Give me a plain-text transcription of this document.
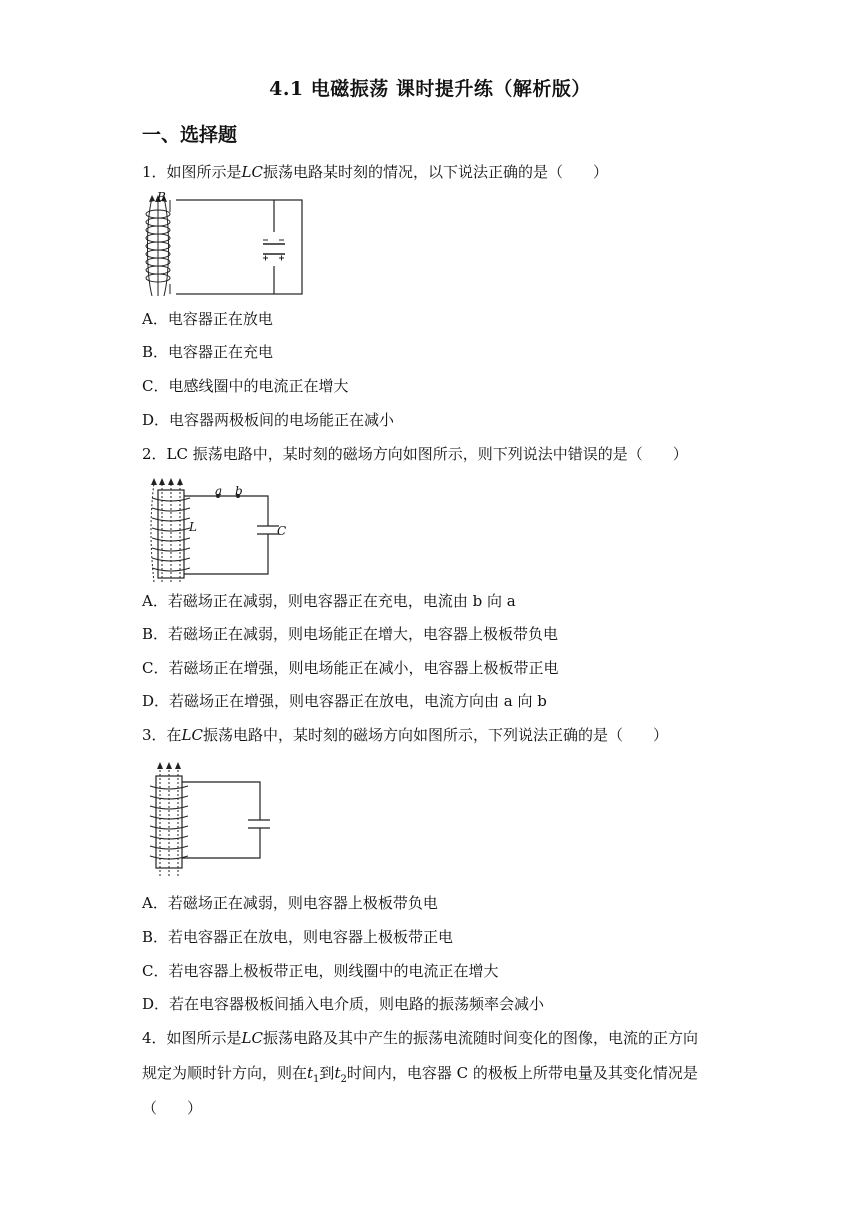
4.1 电磁振荡 课时提升练（解析版）
一、选择题
1．如图所示是LC振荡电路某时刻的情况，以下说法正确的是（　　）
B
A．电容器正在放电
B．电容器正在充电
C．电感线圈中的电流正在增大
D．电容器两极板间的电场能正在减小
2．LC 振荡电路中，某时刻的磁场方向如图所示，则下列说法中错误的是（　　）
a b
L	C
A．若磁场正在减弱，则电容器正在充电，电流由 b 向 a
B．若磁场正在减弱，则电场能正在增大，电容器上极板带负电
C．若磁场正在增强，则电场能正在减小，电容器上极板带正电
D．若磁场正在增强，则电容器正在放电，电流方向由 a 向 b
3．在LC振荡电路中，某时刻的磁场方向如图所示，下列说法正确的是（　　）
A．若磁场正在减弱，则电容器上极板带负电
B．若电容器正在放电，则电容器上极板带正电
C．若电容器上极板带正电，则线圈中的电流正在增大
D．若在电容器极板间插入电介质，则电路的振荡频率会减小
4．如图所示是LC振荡电路及其中产生的振荡电流随时间变化的图像，电流的正方向
规定为顺时针方向，则在$t_1$到$t_2$时间内，电容器 C 的极板上所带电量及其变化情况是
（　　）
